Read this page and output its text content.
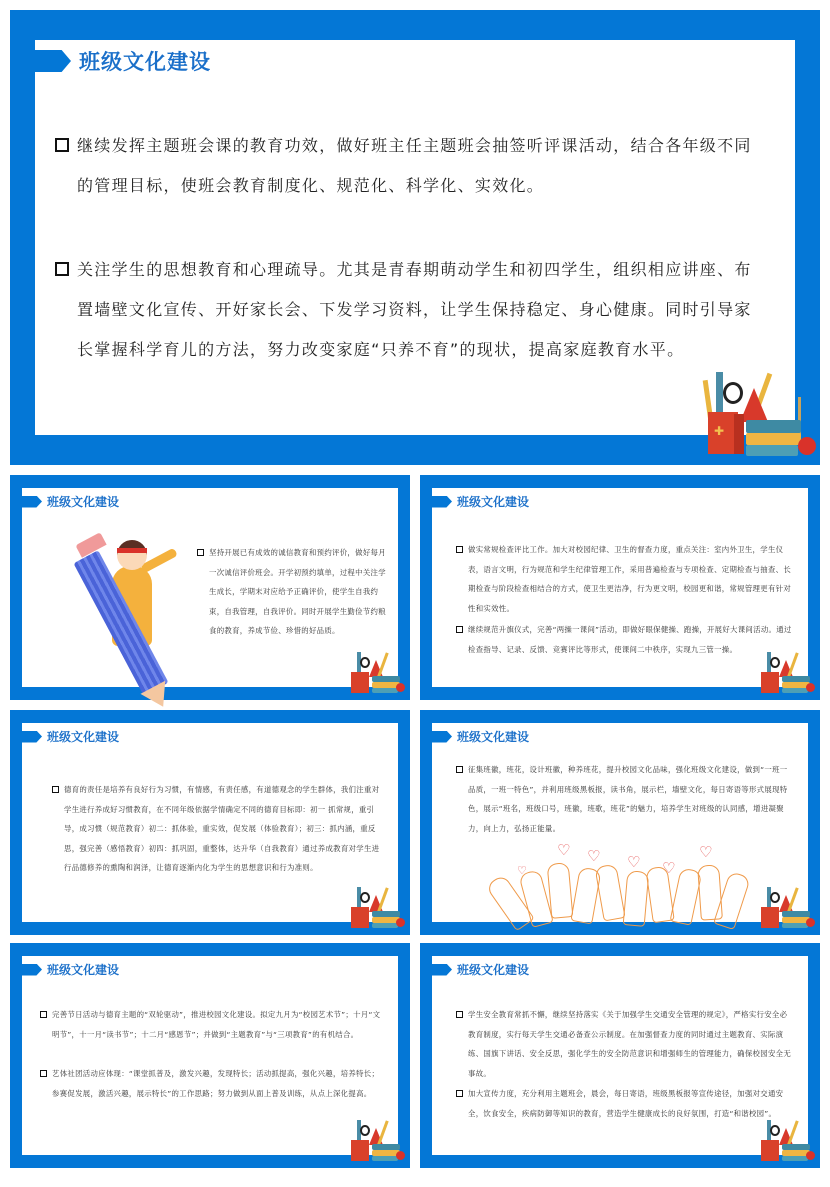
班级文化建设
继续发挥主题班会课的教育功效，做好班主任主题班会抽签听评课活动，结合各年级不同的管理目标，使班会教育制度化、规范化、科学化、实效化。
关注学生的思想教育和心理疏导。尤其是青春期萌动学生和初四学生，组织相应讲座、布置墙壁文化宣传、开好家长会、下发学习资料，让学生保持稳定、身心健康。同时引导家长掌握科学育儿的方法，努力改变家庭“只养不育”的现状，提高家庭教育水平。
✚
班级文化建设
坚持开展已有成效的诚信教育和预约评价，做好每月一次诚信评价班会。开学初预约填单，过程中关注学生成长，学期末对应给予正确评价，使学生自我约束，自我管理，自我评价。同时开展学生勤俭节约粮食的教育，养成节俭、珍惜的好品质。
班级文化建设
做实常规检查评比工作。加大对校园纪律、卫生的督查力度，重点关注：室内外卫生，学生仪表，语言文明，行为规范和学生纪律管理工作，采用普遍检查与专项检查、定期检查与抽查、长期检查与阶段检查相结合的方式，使卫生更洁净，行为更文明，校园更和谐，常规管理更有针对性和实效性。
继续规范升旗仪式，完善“两操一课间”活动，即做好眼保健操、跑操，开展好大课间活动。通过检查指导、记录、反馈、竞赛评比等形式，使课间二中秩序，实现九三管一操。
班级文化建设
德育的责任是培养有良好行为习惯，有情感，有责任感，有道德观念的学生群体，我们注重对学生进行养成好习惯教育，在不同年级依据学情确定不同的德育目标即：初一 抓常规，重引导，成习惯（规范教育）初二：抓体验，重实效，促发展（体验教育）；初三：抓内涵，重反思，强完善（感悟教育）初四：抓巩固，重整体，达升华（自我教育）通过养成教育对学生进行品德修养的熏陶和润泽，让德育逐渐内化为学生的思想意识和行为准则。
班级文化建设
征集班徽，班花，设计班徽，种养班花，提升校园文化品味，强化班级文化建设，做到“一班一品质，一班一特色”，并利用班级黑板报，读书角，展示栏，墙壁文化，每日寄语等形式展现特色，展示“班名，班级口号，班徽，班歌，班花”的魅力，培养学生对班级的认同感，增进凝聚力，向上力，弘扬正能量。
♡ ♡ ♡ ♡
♡
♡
班级文化建设
完善节日活动与德育主题的“双轮驱动”，推进校园文化建设。拟定九月为“校园艺术节”；十月“文明节”，十一月“读书节”；十二月“感恩节”；并做到“主题教育”与“三项教育”的有机结合。
艺体社团活动应体现：“课堂抓普及，激发兴趣，发现特长；活动抓提高，强化兴趣，培养特长；参赛促发展，激活兴趣，展示特长”的工作思路；努力做到从面上普及训练，从点上深化提高。
班级文化建设
学生安全教育常抓不懈，继续坚持落实《关于加强学生交通安全管理的规定》，严格实行安全必教育制度，实行每天学生交通必备查公示制度。在加强督查力度的同时通过主题教育、实际演练、国旗下讲话、安全反思，强化学生的安全防范意识和增强师生的管理能力，确保校园安全无事故。
加大宣传力度，充分利用主题班会，晨会，每日寄语，班级黑板报等宣传途径，加强对交通安全，饮食安全，疾病防御等知识的教育，营造学生健康成长的良好氛围，打造“和谐校园”。
